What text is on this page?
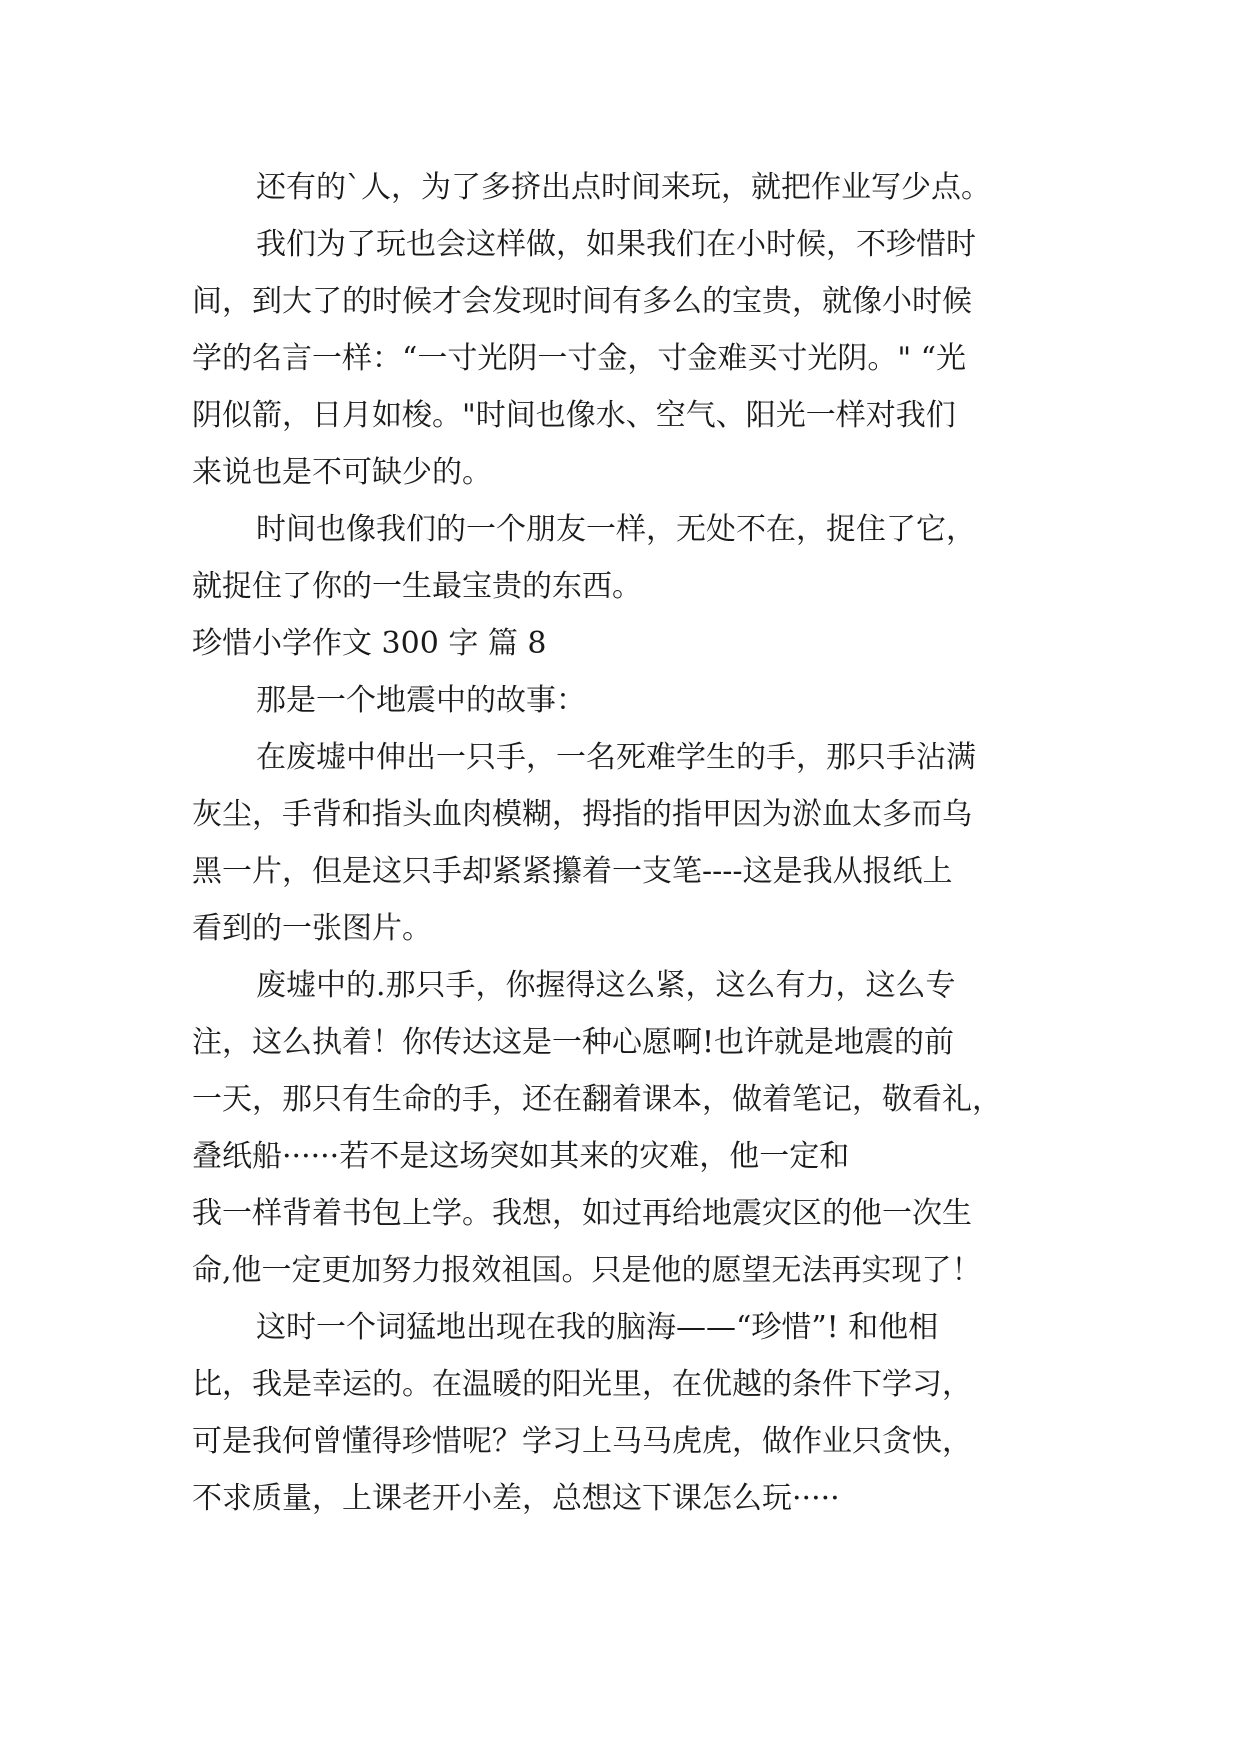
还有的`人，为了多挤出点时间来玩，就把作业写少点。

我们为了玩也会这样做，如果我们在小时候，不珍惜时

间，到大了的时候才会发现时间有多么的宝贵，就像小时候

学的名言一样：“一寸光阴一寸金，寸金难买寸光阴。" “光

阴似箭，日月如梭。"时间也像水、空气、阳光一样对我们

来说也是不可缺少的。

时间也像我们的一个朋友一样，无处不在，捉住了它，

就捉住了你的一生最宝贵的东西。

珍惜小学作文 300 字 篇 8

那是一个地震中的故事：

在废墟中伸出一只手，一名死难学生的手，那只手沾满

灰尘，手背和指头血肉模糊，拇指的指甲因为淤血太多而乌

黑一片，但是这只手却紧紧攥着一支笔----这是我从报纸上

看到的一张图片。

废墟中的.那只手，你握得这么紧，这么有力，这么专

注，这么执着！你传达这是一种心愿啊!也许就是地震的前

一天，那只有生命的手，还在翻着课本，做着笔记，敬看礼，

叠纸船······若不是这场突如其来的灾难，他一定和

我一样背着书包上学。我想，如过再给地震灾区的他一次生

命,他一定更加努力报效祖国。只是他的愿望无法再实现了！

这时一个词猛地出现在我的脑海——“珍惜”! 和他相

比，我是幸运的。在温暖的阳光里，在优越的条件下学习，

可是我何曾懂得珍惜呢？学习上马马虎虎，做作业只贪快，

不求质量，上课老开小差，总想这下课怎么玩·····
